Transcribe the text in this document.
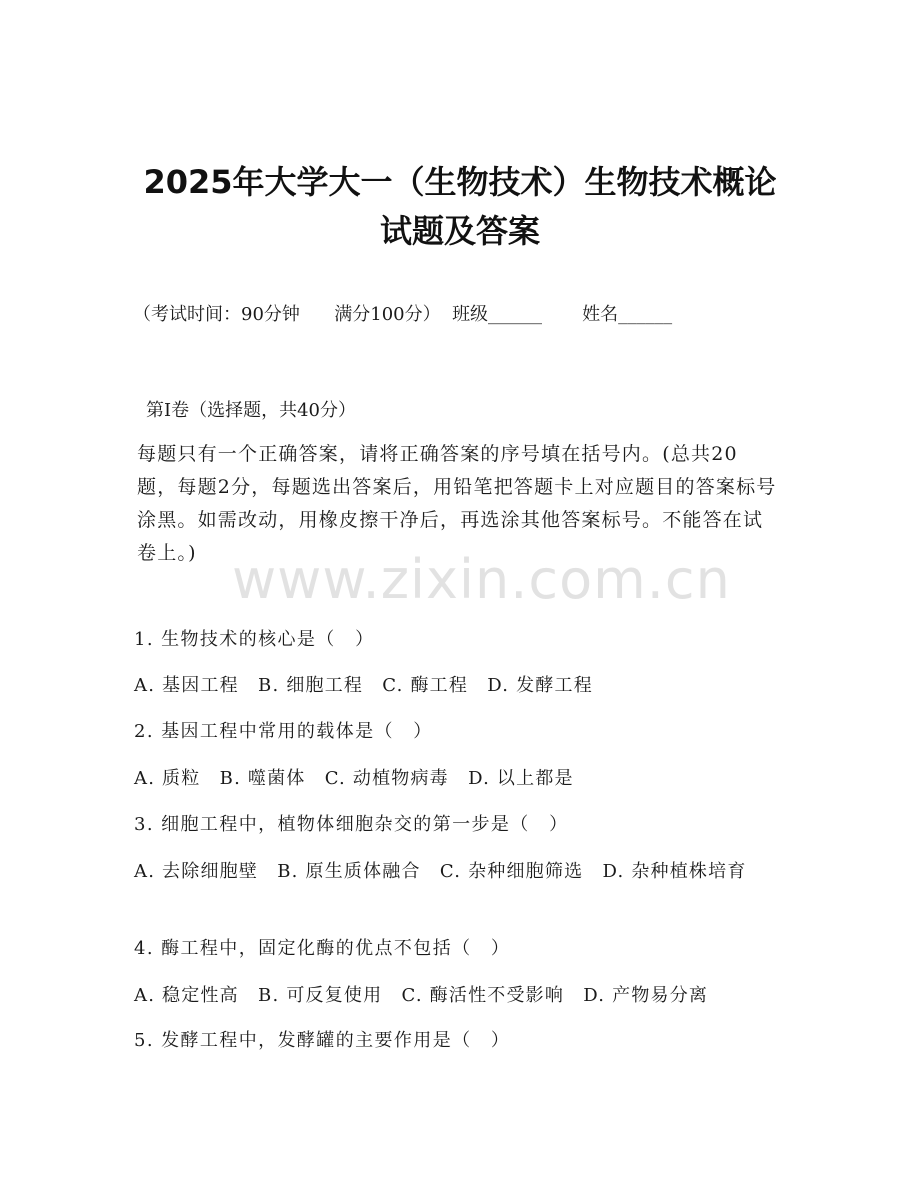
2025年大学大一（生物技术）生物技术概论
试题及答案
（考试时间：90分钟 满分100分） 班级______ 姓名______
第I卷（选择题，共40分）
每题只有一个正确答案，请将正确答案的序号填在括号内。(总共20题，每题2分，每题选出答案后，用铅笔把答题卡上对应题目的答案标号涂黑。如需改动，用橡皮擦干净后，再选涂其他答案标号。不能答在试卷上。) www.zixin.com.cn
1. 生物技术的核心是（　）
A. 基因工程　B. 细胞工程　C. 酶工程　D. 发酵工程
2. 基因工程中常用的载体是（　）
A. 质粒　B. 噬菌体　C. 动植物病毒　D. 以上都是
3. 细胞工程中，植物体细胞杂交的第一步是（　）
A. 去除细胞壁　B. 原生质体融合　C. 杂种细胞筛选　D. 杂种植株培育
4. 酶工程中，固定化酶的优点不包括（　）
A. 稳定性高　B. 可反复使用　C. 酶活性不受影响　D. 产物易分离
5. 发酵工程中，发酵罐的主要作用是（　）
